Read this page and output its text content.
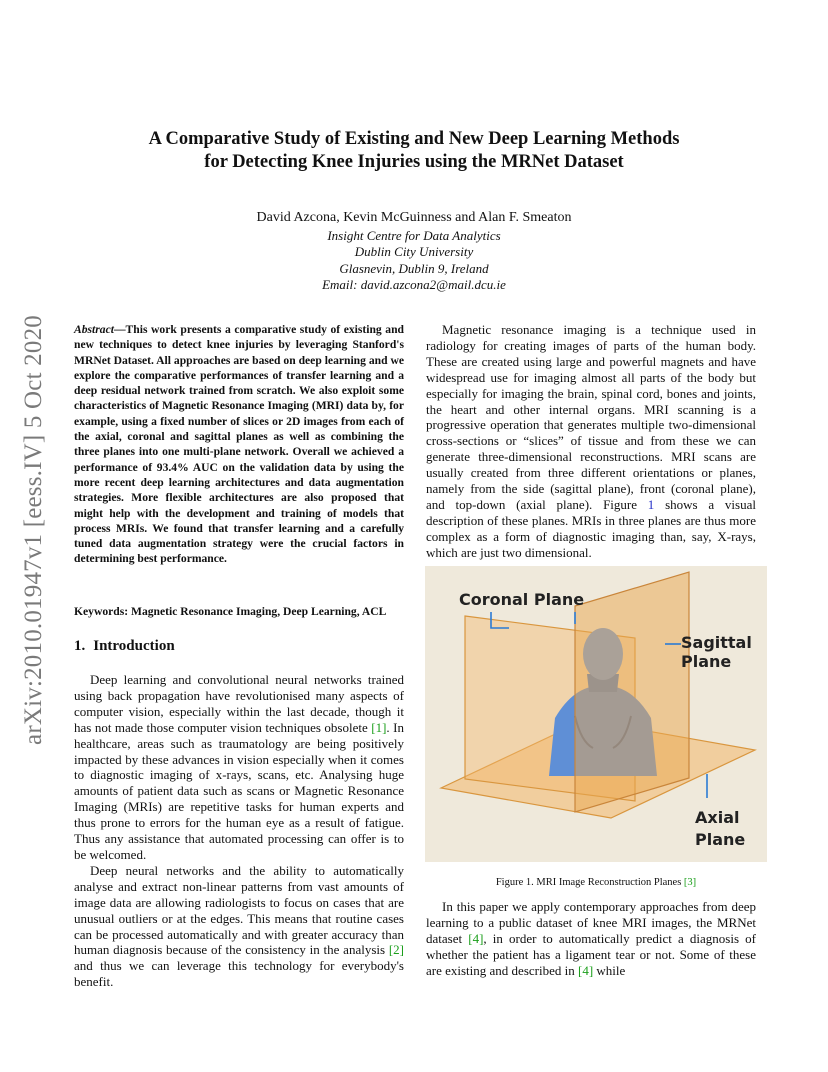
arXiv:2010.01947v1 [eess.IV] 5 Oct 2020
A Comparative Study of Existing and New Deep Learning Methods
for Detecting Knee Injuries using the MRNet Dataset
David Azcona, Kevin McGuinness and Alan F. Smeaton
Insight Centre for Data Analytics
Dublin City University
Glasnevin, Dublin 9, Ireland
Email: david.azcona2@mail.dcu.ie
Abstract—This work presents a comparative study of existing and new techniques to detect knee injuries by leveraging Stanford's MRNet Dataset. All approaches are based on deep learning and we explore the comparative performances of transfer learning and a deep residual network trained from scratch. We also exploit some characteristics of Magnetic Resonance Imaging (MRI) data by, for example, using a fixed number of slices or 2D images from each of the axial, coronal and sagittal planes as well as combining the three planes into one multi-plane network. Overall we achieved a performance of 93.4% AUC on the validation data by using the more recent deep learning architectures and data augmentation strategies. More flexible architectures are also proposed that might help with the development and training of models that process MRIs. We found that transfer learning and a carefully tuned data augmentation strategy were the crucial factors in determining best performance.
Keywords: Magnetic Resonance Imaging, Deep Learning, ACL
1. Introduction

Deep learning and convolutional neural networks trained using back propagation have revolutionised many aspects of computer vision, especially within the last decade, though it has not made those computer vision techniques obsolete [1]. In healthcare, areas such as traumatology are being positively impacted by these advances in vision especially when it comes to diagnostic imaging of x-rays, scans, etc. Analysing huge amounts of patient data such as scans or Magnetic Resonance Imaging (MRIs) are repetitive tasks for human experts and thus prone to errors for the human eye as a result of fatigue. Thus any assistance that automated processing can offer is to be welcomed.

Deep neural networks and the ability to automatically analyse and extract non-linear patterns from vast amounts of image data are allowing radiologists to focus on cases that are unusual outliers or at the edges. This means that routine cases can be processed automatically and with greater accuracy than human diagnosis because of the consistency in the analysis [2] and thus we can leverage this technology for everybody's benefit.

Magnetic resonance imaging is a technique used in radiology for creating images of parts of the human body. These are created using large and powerful magnets and have widespread use for imaging almost all parts of the body but especially for imaging the brain, spinal cord, bones and joints, the heart and other internal organs. MRI scanning is a progressive operation that generates multiple two-dimensional cross-sections or “slices” of tissue and from these we can generate three-dimensional reconstructions. MRI scans are usually created from three different orientations or planes, namely from the side (sagittal plane), front (coronal plane), and top-down (axial plane). Figure 1 shows a visual description of these planes. MRIs in three planes are thus more complex as a form of diagnostic imaging than, say, X-rays, which are just two dimensional.

Coronal Plane
Sagittal
Plane
Axial
Plane
Figure 1. MRI Image Reconstruction Planes [3]

In this paper we apply contemporary approaches from deep learning to a public dataset of knee MRI images, the MRNet dataset [4], in order to automatically predict a diagnosis of whether the patient has a ligament tear or not. Some of these are existing and described in [4] while
